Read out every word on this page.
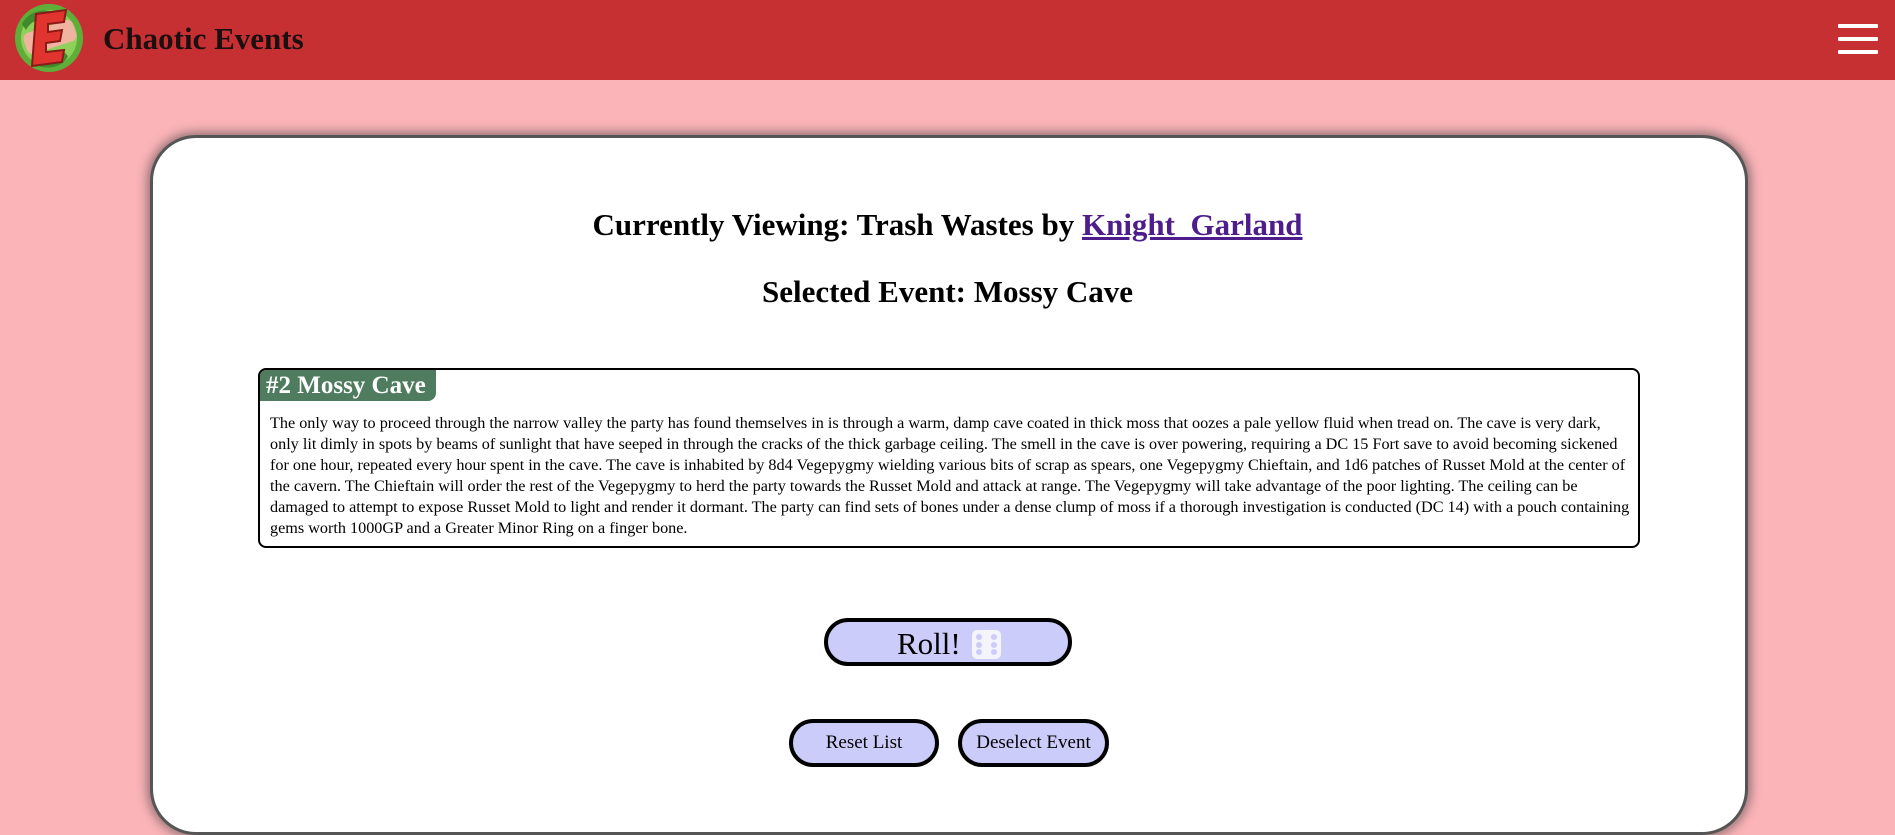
Chaotic Events
Currently Viewing: Trash Wastes by Knight_Garland
Selected Event: Mossy Cave
#2 Mossy Cave
The only way to proceed through the narrow valley the party has found themselves in is through a warm, damp cave coated in thick moss that oozes a pale yellow fluid when tread on. The cave is very dark, only lit dimly in spots by beams of sunlight that have seeped in through the cracks of the thick garbage ceiling. The smell in the cave is over powering, requiring a DC 15 Fort save to avoid becoming sickened for one hour, repeated every hour spent in the cave. The cave is inhabited by 8d4 Vegepygmy wielding various bits of scrap as spears, one Vegepygmy Chieftain, and 1d6 patches of Russet Mold at the center of the cavern. The Chieftain will order the rest of the Vegepygmy to herd the party towards the Russet Mold and attack at range. The Vegepygmy will take advantage of the poor lighting. The ceiling can be damaged to attempt to expose Russet Mold to light and render it dormant. The party can find sets of bones under a dense clump of moss if a thorough investigation is conducted (DC 14) with a pouch containing gems worth 1000GP and a Greater Minor Ring on a finger bone.
Roll!
Reset List	Deselect Event
